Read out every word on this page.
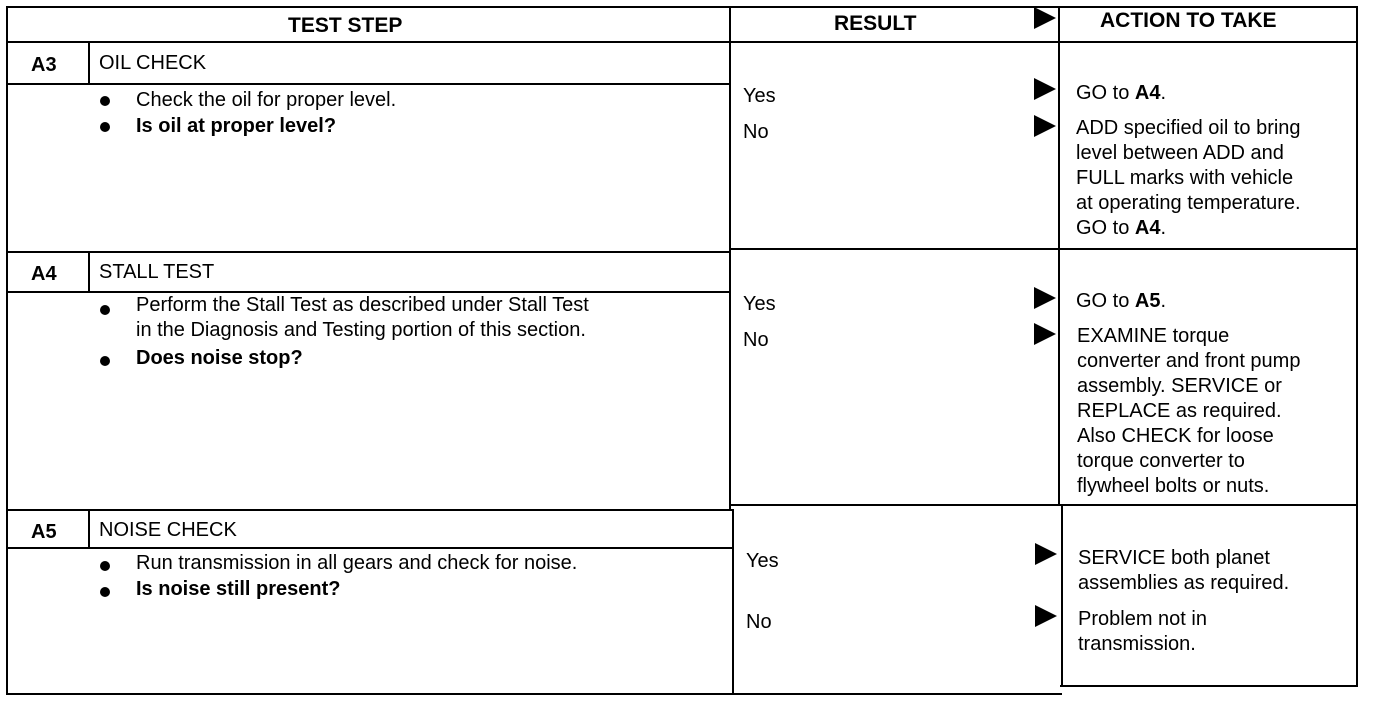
TEST STEP	RESULT	ACTION TO TAKE
A3 OIL CHECK
Check the oil for proper level.
Is oil at proper level?
Yes
No
GO to A4.
ADD specified oil to bring
level between ADD and
FULL marks with vehicle
at operating temperature.
GO to A4.
A4 STALL TEST
Perform the Stall Test as described under Stall Test
in the Diagnosis and Testing portion of this section.
Does noise stop?
Yes
No
GO to A5.
EXAMINE torque
converter and front pump
assembly. SERVICE or
REPLACE as required.
Also CHECK for loose
torque converter to
flywheel bolts or nuts.
A5 NOISE CHECK
Run transmission in all gears and check for noise.
Is noise still present?
Yes
No
SERVICE both planet
assemblies as required.
Problem not in
transmission.
